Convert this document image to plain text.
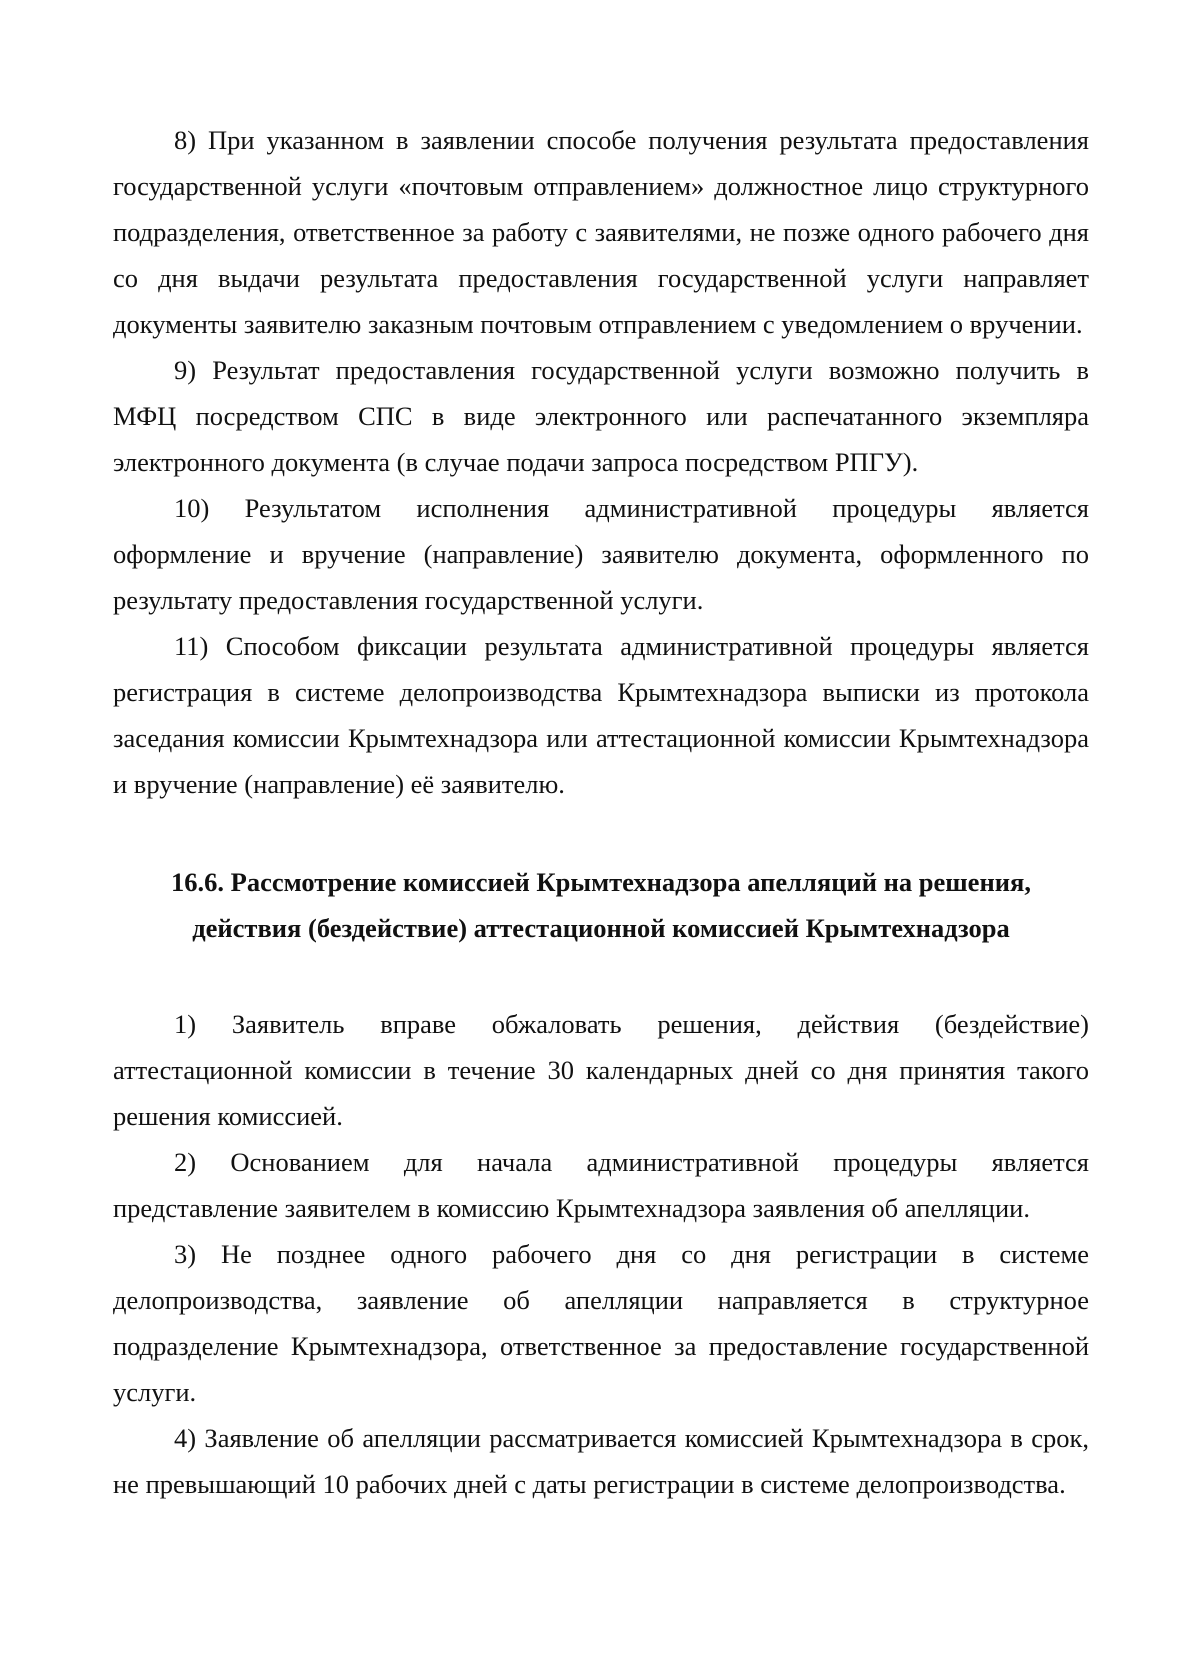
8) При указанном в заявлении способе получения результата предоставления государственной услуги «почтовым отправлением» должностное лицо структурного подразделения, ответственное за работу с заявителями, не позже одного рабочего дня со дня выдачи результата предоставления государственной услуги направляет документы заявителю заказным почтовым отправлением с уведомлением о вручении.

9) Результат предоставления государственной услуги возможно получить в МФЦ посредством СПС в виде электронного или распечатанного экземпляра электронного документа (в случае подачи запроса посредством РПГУ).

10) Результатом исполнения административной процедуры является оформление и вручение (направление) заявителю документа, оформленного по результату предоставления государственной услуги.

11) Способом фиксации результата административной процедуры является регистрация в системе делопроизводства Крымтехнадзора выписки из протокола заседания комиссии Крымтехнадзора или аттестационной комиссии Крымтехнадзора и вручение (направление) её заявителю.

16.6. Рассмотрение комиссией Крымтехнадзора апелляций на решения,
действия (бездействие) аттестационной комиссией Крымтехнадзора

1) Заявитель вправе обжаловать решения, действия (бездействие) аттестационной комиссии в течение 30 календарных дней со дня принятия такого решения комиссией.

2) Основанием для начала административной процедуры является представление заявителем в комиссию Крымтехнадзора заявления об апелляции.

3) Не позднее одного рабочего дня со дня регистрации в системе делопроизводства, заявление об апелляции направляется в структурное подразделение Крымтехнадзора, ответственное за предоставление государственной услуги.

4) Заявление об апелляции рассматривается комиссией Крымтехнадзора в срок, не превышающий 10 рабочих дней с даты регистрации в системе делопроизводства.
